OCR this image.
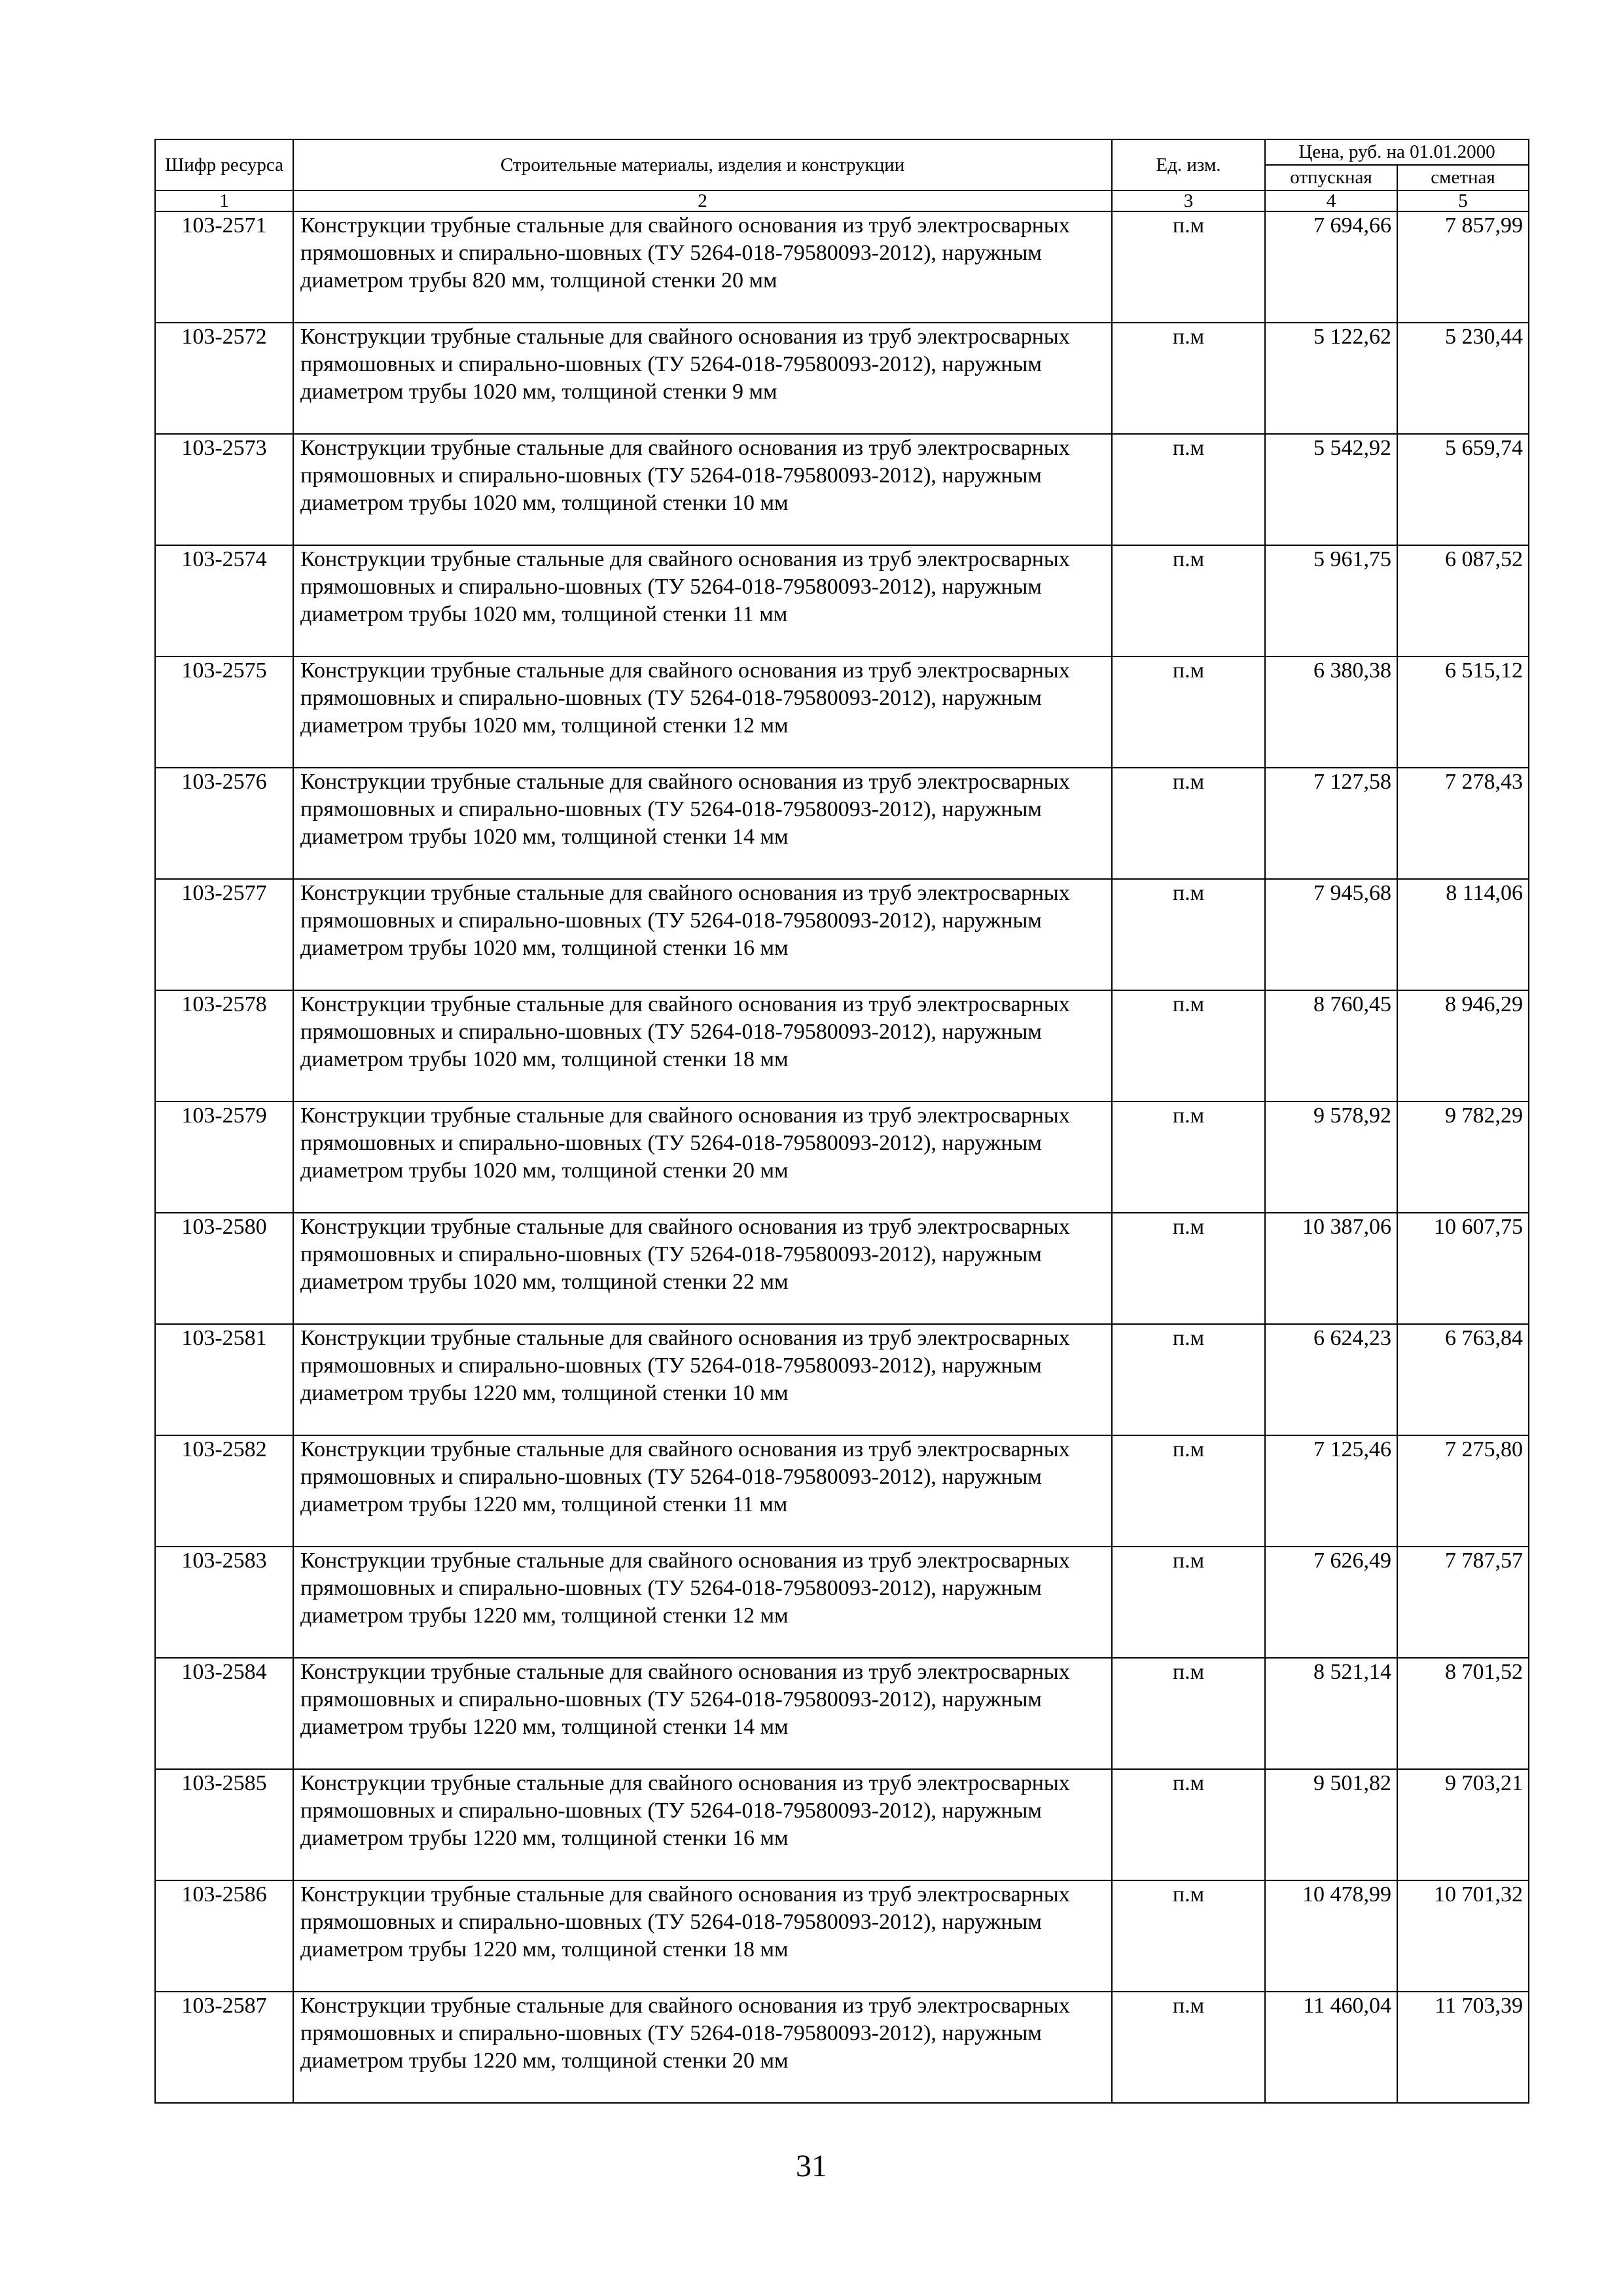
Шифр ресурса	Строительные материалы, изделия и конструкции	Ед. изм.	Цена, руб. на 01.01.2000	
			отпускная	сметная
1	2	3	4	5
103-2571	Конструкции трубные стальные для свайного основания из труб электросварных прямошовных и спирально-шовных (ТУ 5264-018-79580093-2012), наружным диаметром трубы 820 мм, толщиной стенки 20 мм	п.м	7 694,66	7 857,99
103-2572	Конструкции трубные стальные для свайного основания из труб электросварных прямошовных и спирально-шовных (ТУ 5264-018-79580093-2012), наружным диаметром трубы 1020 мм, толщиной стенки 9 мм	п.м	5 122,62	5 230,44
103-2573	Конструкции трубные стальные для свайного основания из труб электросварных прямошовных и спирально-шовных (ТУ 5264-018-79580093-2012), наружным диаметром трубы 1020 мм, толщиной стенки 10 мм	п.м	5 542,92	5 659,74
103-2574	Конструкции трубные стальные для свайного основания из труб электросварных прямошовных и спирально-шовных (ТУ 5264-018-79580093-2012), наружным диаметром трубы 1020 мм, толщиной стенки 11 мм	п.м	5 961,75	6 087,52
103-2575	Конструкции трубные стальные для свайного основания из труб электросварных прямошовных и спирально-шовных (ТУ 5264-018-79580093-2012), наружным диаметром трубы 1020 мм, толщиной стенки 12 мм	п.м	6 380,38	6 515,12
103-2576	Конструкции трубные стальные для свайного основания из труб электросварных прямошовных и спирально-шовных (ТУ 5264-018-79580093-2012), наружным диаметром трубы 1020 мм, толщиной стенки 14 мм	п.м	7 127,58	7 278,43
103-2577	Конструкции трубные стальные для свайного основания из труб электросварных прямошовных и спирально-шовных (ТУ 5264-018-79580093-2012), наружным диаметром трубы 1020 мм, толщиной стенки 16 мм	п.м	7 945,68	8 114,06
103-2578	Конструкции трубные стальные для свайного основания из труб электросварных прямошовных и спирально-шовных (ТУ 5264-018-79580093-2012), наружным диаметром трубы 1020 мм, толщиной стенки 18 мм	п.м	8 760,45	8 946,29
103-2579	Конструкции трубные стальные для свайного основания из труб электросварных прямошовных и спирально-шовных (ТУ 5264-018-79580093-2012), наружным диаметром трубы 1020 мм, толщиной стенки 20 мм	п.м	9 578,92	9 782,29
103-2580	Конструкции трубные стальные для свайного основания из труб электросварных прямошовных и спирально-шовных (ТУ 5264-018-79580093-2012), наружным диаметром трубы 1020 мм, толщиной стенки 22 мм	п.м	10 387,06	10 607,75
103-2581	Конструкции трубные стальные для свайного основания из труб электросварных прямошовных и спирально-шовных (ТУ 5264-018-79580093-2012), наружным диаметром трубы 1220 мм, толщиной стенки 10 мм	п.м	6 624,23	6 763,84
103-2582	Конструкции трубные стальные для свайного основания из труб электросварных прямошовных и спирально-шовных (ТУ 5264-018-79580093-2012), наружным диаметром трубы 1220 мм, толщиной стенки 11 мм	п.м	7 125,46	7 275,80
103-2583	Конструкции трубные стальные для свайного основания из труб электросварных прямошовных и спирально-шовных (ТУ 5264-018-79580093-2012), наружным диаметром трубы 1220 мм, толщиной стенки 12 мм	п.м	7 626,49	7 787,57
103-2584	Конструкции трубные стальные для свайного основания из труб электросварных прямошовных и спирально-шовных (ТУ 5264-018-79580093-2012), наружным диаметром трубы 1220 мм, толщиной стенки 14 мм	п.м	8 521,14	8 701,52
103-2585	Конструкции трубные стальные для свайного основания из труб электросварных прямошовных и спирально-шовных (ТУ 5264-018-79580093-2012), наружным диаметром трубы 1220 мм, толщиной стенки 16 мм	п.м	9 501,82	9 703,21
103-2586	Конструкции трубные стальные для свайного основания из труб электросварных прямошовных и спирально-шовных (ТУ 5264-018-79580093-2012), наружным диаметром трубы 1220 мм, толщиной стенки 18 мм	п.м	10 478,99	10 701,32
103-2587	Конструкции трубные стальные для свайного основания из труб электросварных прямошовных и спирально-шовных (ТУ 5264-018-79580093-2012), наружным диаметром трубы 1220 мм, толщиной стенки 20 мм	п.м	11 460,04	11 703,39
31
